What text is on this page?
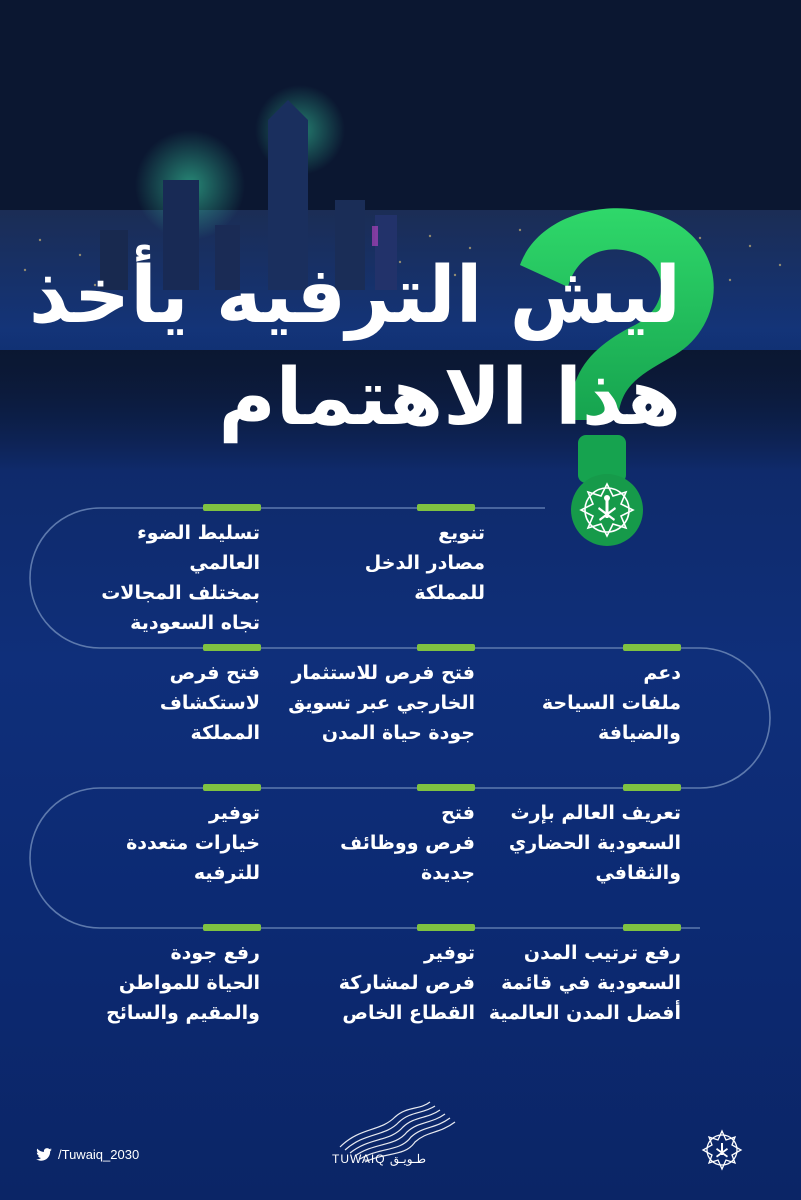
ليش الترفيه يأخذ
هذا الاهتمام
تنويع
مصادر الدخل
للمملكة
تسليط الضوء العالمي
بمختلف المجالات
تجاه السعودية
دعم
ملفات السياحة
والضيافة
فتح فرص للاستثمار
الخارجي عبر تسويق
جودة حياة المدن
فتح فرص
لاستكشاف
المملكة
تعريف العالم بإرث
السعودية الحضاري
والثقافي
فتح
فرص ووظائف
جديدة
توفير
خيارات متعددة
للترفيه
رفع ترتيب المدن
السعودية في قائمة
أفضل المدن العالمية
توفير
فرص لمشاركة
القطاع الخاص
رفع جودة
الحياة للمواطن
والمقيم والسائح
/Tuwaiq_2030	TUWAIQ طـويـق
